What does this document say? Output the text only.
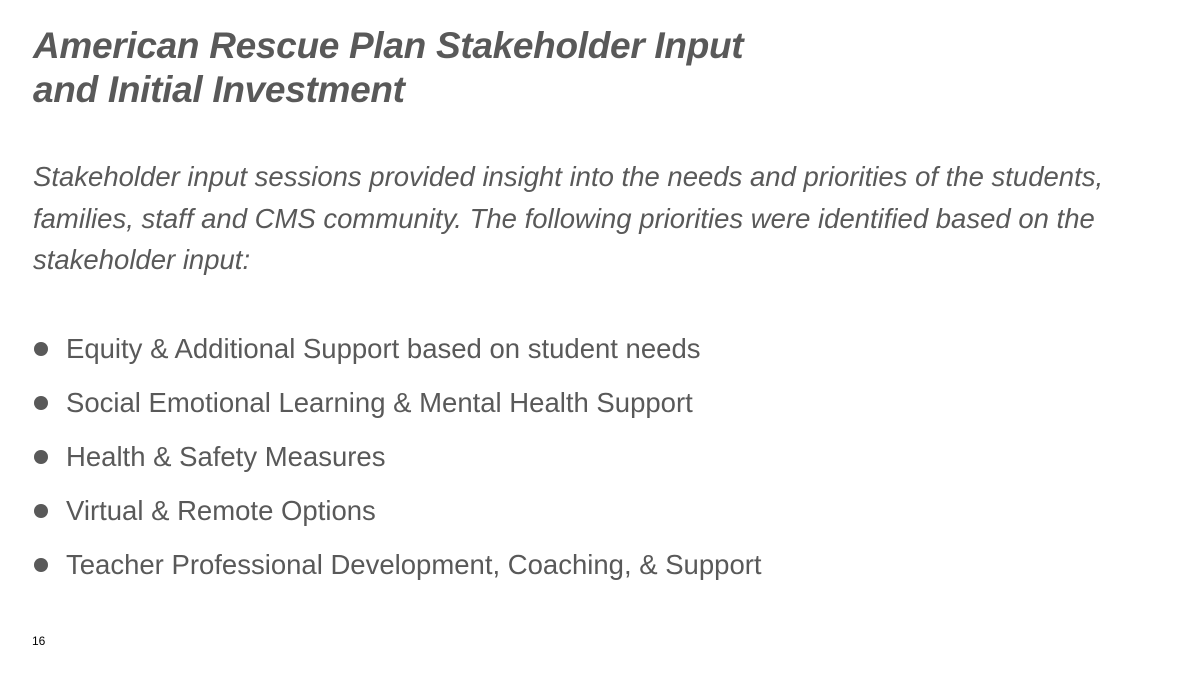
American Rescue Plan Stakeholder Input
and Initial Investment

Stakeholder input sessions provided insight into the needs and priorities of the students, families, staff and CMS community. The following priorities were identified based on the stakeholder input:

Equity & Additional Support based on student needs
Social Emotional Learning & Mental Health Support
Health & Safety Measures
Virtual & Remote Options
Teacher Professional Development, Coaching, & Support
16
